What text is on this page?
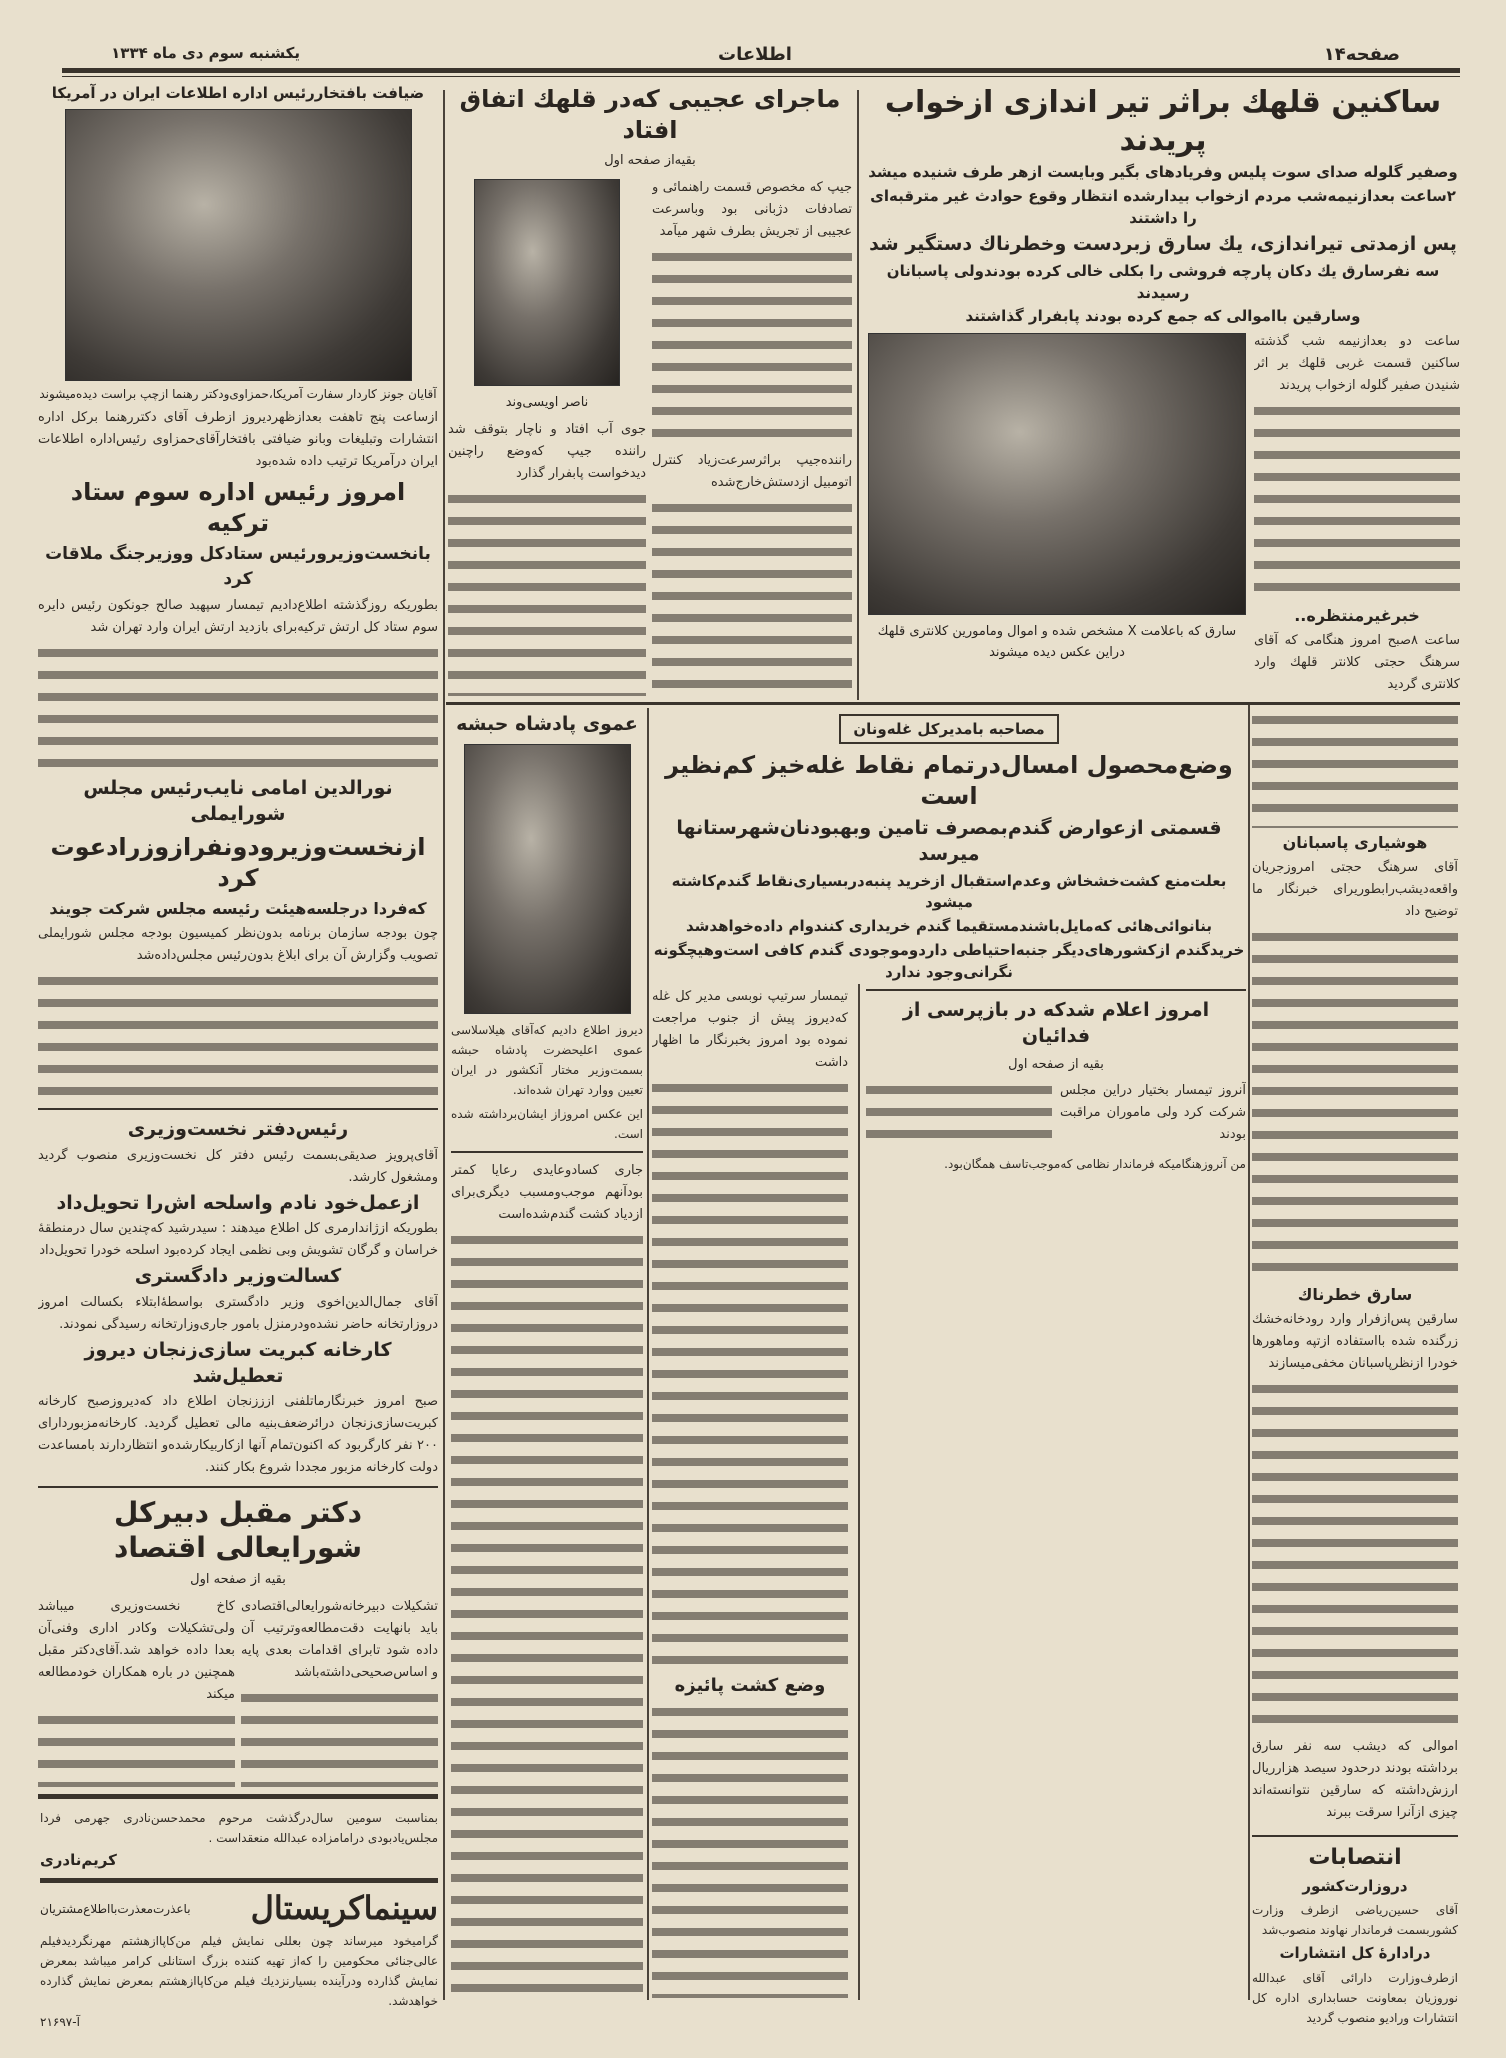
صفحه۱۴
اطلاعات
یکشنبه سوم دی ماه ۱۳۳۴
ساکنین قلهك براثر تیر اندازی ازخواب پریدند
وصفیر گلوله صدای سوت پلیس وفریادهای بگیر وبایست ازهر طرف شنیده میشد
۲ساعت بعدازنیمه‌شب مردم ازخواب بیدارشده انتظار وقوع حوادث غیر مترقبه‌ای را داشتند
پس ازمدتی تیراندازی، یك سارق زبردست وخطرناك دستگیر شد
سه نفرسارق یك دكان پارچه فروشی را بكلی خالی كرده بودندولی پاسبانان رسیدند
وسارقین بااموالی كه جمع كرده بودند پابفرار گذاشتند
ساعت دو بعدازنیمه شب گذشته ساكنین قسمت غربی قلهك بر اثر شنیدن صفیر گلوله ازخواب پریدند
خبرغیرمنتظره..
ساعت ۸صبح امروز هنگامی كه آقای سرهنگ حجتی كلانتر قلهك وارد كلانتری گردید
سارق كه باعلامت X مشخص شده و اموال ومامورین كلانتری قلهك دراین عکس دیده میشوند
هوشیاری پاسبانان
آقای سرهنگ حجتی امروزجریان واقعه‌دیشب‌را‌بطوریرای خبرنگار ما توضیح داد
سارق خطرناك
سارقین پس‌ازفرار وارد رودخانه‌خشك زرگنده شده بااستفاده ازتپه وماهورها خودرا ازنظرپاسبانان مخفی‌میسازند
اموالی كه دیشب سه نفر سارق برداشته بودند درحدود سیصد هزارریال ارزش‌داشته كه سارقین نتوانسته‌اند چیزی ازآنرا سرقت ببرند
انتصابات
دروزارت‌كشور
آقای حسین‌ریاضی ازطرف وزارت كشوربسمت فرماندار نهاوند منصوب‌شد
درادارهٔ كل انتشارات
ازطرف‌وزارت دارائی آقای عبدالله نوروزیان بمعاونت حسابداری اداره كل انتشارات ورادیو منصوب گردید
ماجرای عجیبی كه‌در قلهك اتفاق افتاد
بقیه‌از صفحه اول
جیپ كه مخصوص قسمت راهنمائی و تصادفات دژبانی بود وباسرعت عجیبی از تجریش بطرف شهر میآمد
راننده‌جیپ براثرسرعت‌زیاد كنترل اتومبیل ازدستش‌خارج‌شده
ناصر اویسی‌وند
جوی آب افتاد و ناچار بتوقف شد راننده جیپ كه‌وضع راچنین دیدخواست پابفرار گذارد
ضیافت بافتخاررئیس اداره اطلاعات ایران در آمریکا
آقایان جونز كاردار سفارت آمریكا،حمزاوی‌ودكتر رهنما ازچپ براست دیده‌میشوند
ازساعت پنج تاهفت بعدازظهردیروز ازطرف آقای دكتررهنما بركل اداره انتشارات وتبلیغات وبانو ضیافتی بافتخارآقای‌حمزاوی رئیس‌اداره اطلاعات ایران درآمریكا ترتیب داده شده‌بود
امروز رئیس اداره سوم ستاد تركیه
بانخست‌وزیرورئیس ستادکل ووزیرجنگ ملاقات كرد
بطوریكه روزگذشته اطلاع‌دادیم تیمسار سپهبد صالح جونكون رئیس دایره سوم ستاد كل ارتش تركیه‌برای بازدید ارتش ایران وارد تهران شد
نورالدین امامی نایب‌رئیس مجلس شورایملی
ازنخست‌وزیرودونفرازوزرادعوت كرد
كه‌فردا درجلسه‌هیئت رئیسه مجلس شركت جویند
چون بودجه سازمان برنامه بدون‌نظر كمیسیون بودجه مجلس شورایملی تصویب وگزارش آن برای ابلاغ بدون‌رئیس مجلس‌داده‌شد
رئیس‌دفتر نخست‌وزیری
آقای‌پرویز صدیقی‌بسمت رئیس دفتر كل نخست‌وزیری منصوب گردید ومشغول كارشد.
ازعمل‌خود نادم واسلحه اش‌را تحویل‌داد
بطوریكه ازژاندارمری كل اطلاع میدهند : سیدرشید كه‌چندین سال درمنطقهٔ خراسان و گرگان تشویش وبی نظمی ایجاد كرده‌بود اسلحه خودرا تحویل‌داد
كسالت‌وزیر دادگستری
آقای جمال‌الدین‌اخوی وزیر دادگستری بواسطهٔ‌ابتلاء بكسالت امروز دروزارتخانه حاضر نشده‌ودرمنزل بامور جاری‌وزارتخانه رسیدگی نمودند.
كارخانه كبریت سازی‌زنجان دیروز تعطیل‌شد
صبح امروز خبرنگارماتلفنی ازززنجان اطلاع داد كه‌دیروزصبح كارخانه كبریت‌سازی‌زنجان درائرضعف‌بنیه مالی تعطیل گردید. كارخانه‌مزبوردارای ۲۰۰ نفر كارگربود كه اكنون‌تمام آنها ازكاربیكارشده‌و انتظاردارند بامساعدت دولت كارخانه مزبور مجددا شروع بكار كنند.
دكتر مقبل دبیركل شورایعالی اقتصاد
بقیه از صفحه اول
تشكیلات دبیرخانه‌شورایعالی‌اقتصادی باید بانهایت دقت‌مطالعه‌وترتیب آن داده شود تابرای اقدامات بعدی پایه و اساس‌صحیحی‌داشته‌باشد
كاخ نخست‌وزیری میباشد ولی‌تشكیلات وكادر اداری وفنی‌آن بعدا داده خواهد شد.آقای‌دكتر مقبل همچنین در باره همكاران خودمطالعه میكند
بمناسبت سومین سال‌درگذشت مرحوم محمدحسن‌نادری جهرمی فردا مجلس‌یادبودی درامامزاده عبدالله منعقداست .
كریم‌نادری
سینماکریستال
باعذرت‌معذرت‌بااطلاع‌مشتریان
گرامیخود میرساند چون بعللی نمایش فیلم من‌كاپاازهشتم مهرنگردیدفیلم عالی‌جنائی محكومین را كه‌از تهیه كننده بزرگ استانلی كرامر میباشد بمعرض نمایش گذارده ودرآینده بسیارنزدیك فیلم من‌كاپاازهشتم بمعرض نمایش گذارده خواهدشد.
آ-۲۱۶۹۷
عموی پادشاه حبشه
دیروز اطلاع دادیم كه‌آقای هیلاسلاسی عموی اعلیحضرت پادشاه حبشه بسمت‌وزیر مختار آنكشور در ایران تعیین ووارد تهران شده‌اند.
این عكس امروزاز ایشان‌برداشته شده است.
جاری كسادوعایدی رعایا كمتر بودآنهم موجب‌ومسبب دیگری‌برای ازدیاد كشت گندم‌شده‌است
مصاحبه بامدیركل غله‌ونان
وضع‌محصول امسال‌درتمام نقاط غله‌خیز كم‌نظیر است
قسمتی ازعوارض گندم‌بمصرف تامین وبهبودنان‌شهرستانها میرسد
بعلت‌منع كشت‌خشخاش وعدم‌استقبال ازخرید پنبه‌دربسیاری‌نقاط گندم‌كاشته میشود
بنانوائی‌هائی كه‌مایل‌باشند‌مستقیما گندم خریداری كنندوام داده‌خواهدشد
خریدگندم ازكشورهای‌دیگر جنبه‌احتیاطی داردوموجودی گندم كافی است‌وهیچگونه نگرانی‌وجود ندارد
امروز اعلام شدكه در بازپرسی از فدائیان
بقیه از صفحه اول
آنروز تیمسار بختیار دراین مجلس شركت كرد ولی ماموران مراقبت بودند
من آنروزهنگامیكه فرماندار نظامی كه‌موجب‌تاسف همگان‌بود.
تیمسار سرتیپ نوبسی مدیر كل غله كه‌دیروز پیش از جنوب مراجعت نموده بود امروز بخبرنگار ما اظهار داشت
وضع كشت پائیزه
